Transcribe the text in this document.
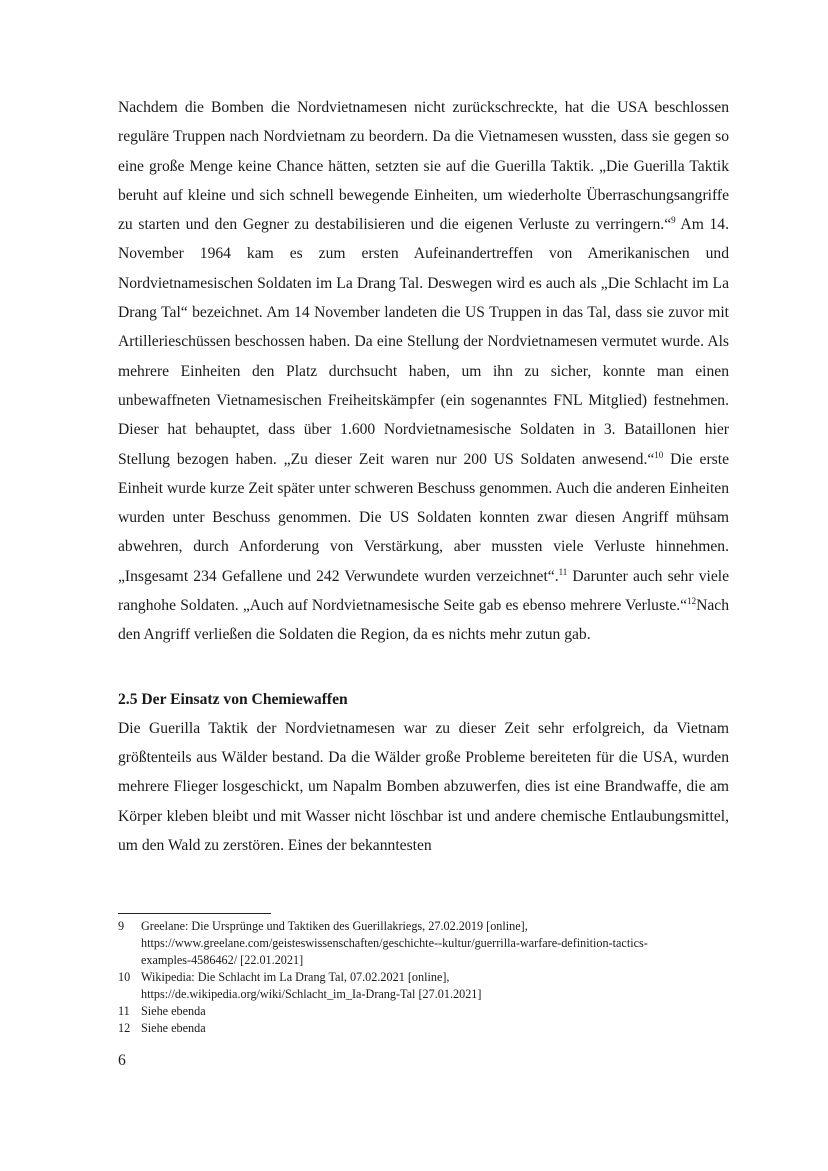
Nachdem die Bomben die Nordvietnamesen nicht zurückschreckte, hat die USA beschlossen reguläre Truppen nach Nordvietnam zu beordern. Da die Vietnamesen wussten, dass sie gegen so eine große Menge keine Chance hätten, setzten sie auf die Guerilla Taktik. „Die Guerilla Taktik beruht auf kleine und sich schnell bewegende Einheiten, um wiederholte Überraschungsangriffe zu starten und den Gegner zu destabilisieren und die eigenen Verluste zu verringern.“$^9$ Am 14. November 1964 kam es zum ersten Aufeinandertreffen von Amerikanischen und Nordvietnamesischen Soldaten im La Drang Tal. Deswegen wird es auch als „Die Schlacht im La Drang Tal“ bezeichnet. Am 14 November landeten die US Truppen in das Tal, dass sie zuvor mit Artillerieschüssen beschossen haben. Da eine Stellung der Nordvietnamesen vermutet wurde. Als mehrere Einheiten den Platz durchsucht haben, um ihn zu sicher, konnte man einen unbewaffneten Vietnamesischen Freiheitskämpfer (ein sogenanntes FNL Mitglied) festnehmen. Dieser hat behauptet, dass über 1.600 Nordvietnamesische Soldaten in 3. Bataillonen hier Stellung bezogen haben. „Zu dieser Zeit waren nur 200 US Soldaten anwesend.“$^{10}$ Die erste Einheit wurde kurze Zeit später unter schweren Beschuss genommen. Auch die anderen Einheiten wurden unter Beschuss genommen. Die US Soldaten konnten zwar diesen Angriff mühsam abwehren, durch Anforderung von Verstärkung, aber mussten viele Verluste hinnehmen. „Insgesamt 234 Gefallene und 242 Verwundete wurden verzeichnet“.$^{11}$ Darunter auch sehr viele ranghohe Soldaten. „Auch auf Nordvietnamesische Seite gab es ebenso mehrere Verluste.“$^{12}$Nach den Angriff verließen die Soldaten die Region, da es nichts mehr zutun gab.

2.5 Der Einsatz von Chemiewaffen

Die Guerilla Taktik der Nordvietnamesen war zu dieser Zeit sehr erfolgreich, da Vietnam größtenteils aus Wälder bestand. Da die Wälder große Probleme bereiteten für die USA, wurden mehrere Flieger losgeschickt, um Napalm Bomben abzuwerfen, dies ist eine Brandwaffe, die am Körper kleben bleibt und mit Wasser nicht löschbar ist und andere chemische Entlaubungsmittel, um den Wald zu zerstören. Eines der bekanntesten

9	Greelane: Die Ursprünge und Taktiken des Guerillakriegs, 27.02.2019 [online],
https://www.greelane.com/geisteswissenschaften/geschichte--kultur/guerrilla-warfare-definition-tactics-
examples-4586462/ [22.01.2021]
10 Wikipedia: Die Schlacht im La Drang Tal, 07.02.2021 [online],
https://de.wikipedia.org/wiki/Schlacht_im_Ia-Drang-Tal [27.01.2021]
11 Siehe ebenda
12 Siehe ebenda
6
